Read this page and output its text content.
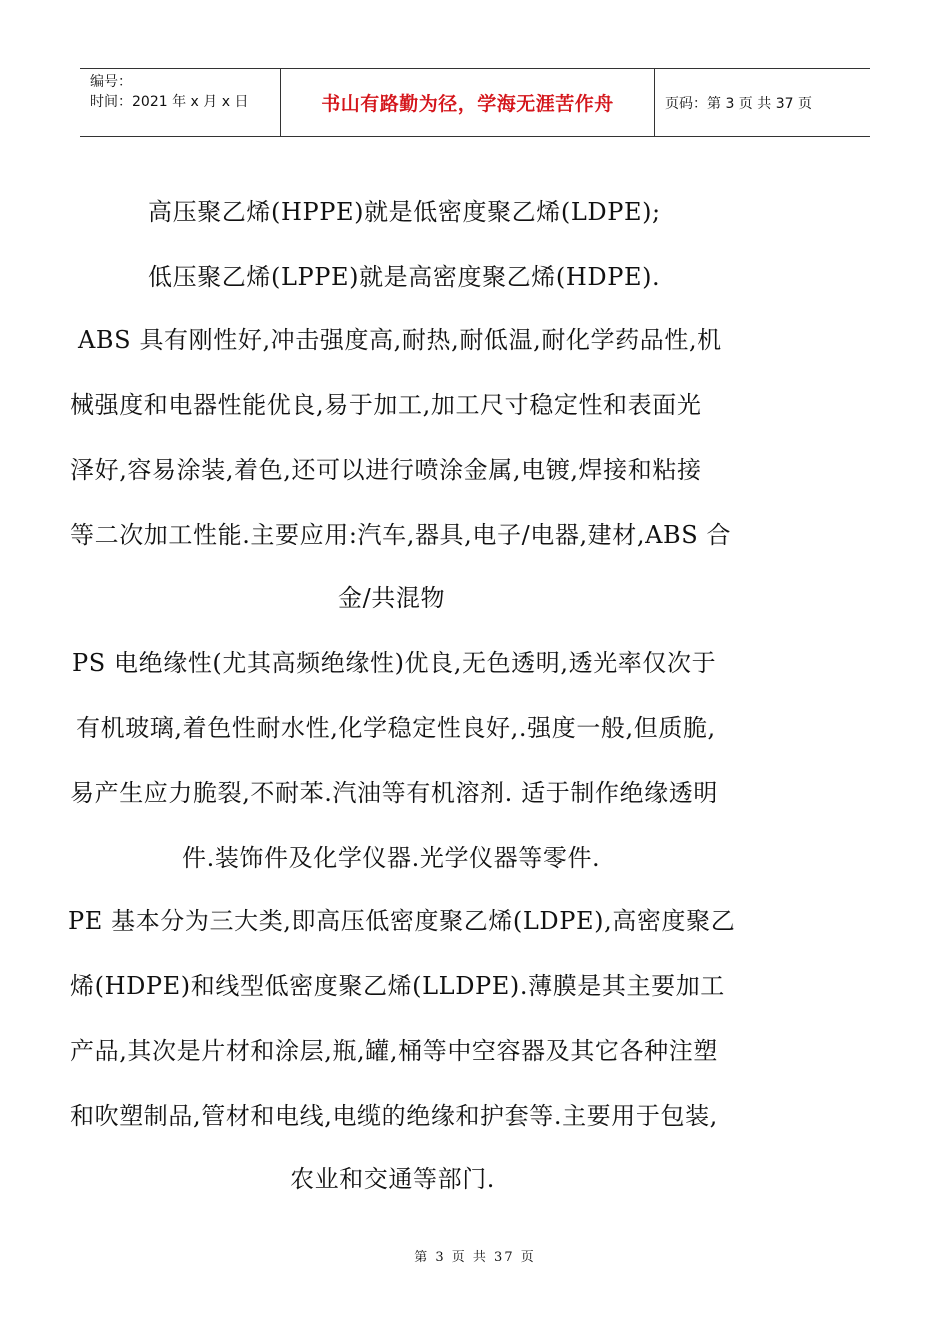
编号：
时间：2021 年 x 月 x 日	书山有路勤为径，学海无涯苦作舟	页码：第 3 页 共 37 页
高压聚乙烯(HPPE)就是低密度聚乙烯(LDPE);
低压聚乙烯(LPPE)就是高密度聚乙烯(HDPE).
ABS 具有刚性好,冲击强度高,耐热,耐低温,耐化学药品性,机
械强度和电器性能优良,易于加工,加工尺寸稳定性和表面光
泽好,容易涂装,着色,还可以进行喷涂金属,电镀,焊接和粘接
等二次加工性能.主要应用:汽车,器具,电子/电器,建材,ABS 合
金/共混物
PS 电绝缘性(尤其高频绝缘性)优良,无色透明,透光率仅次于
有机玻璃,着色性耐水性,化学稳定性良好,.强度一般,但质脆,
易产生应力脆裂,不耐苯.汽油等有机溶剂. 适于制作绝缘透明
件.装饰件及化学仪器.光学仪器等零件.
PE 基本分为三大类,即高压低密度聚乙烯(LDPE),高密度聚乙
烯(HDPE)和线型低密度聚乙烯(LLDPE).薄膜是其主要加工
产品,其次是片材和涂层,瓶,罐,桶等中空容器及其它各种注塑
和吹塑制品,管材和电线,电缆的绝缘和护套等.主要用于包装,
农业和交通等部门.
第 3 页 共 37 页
